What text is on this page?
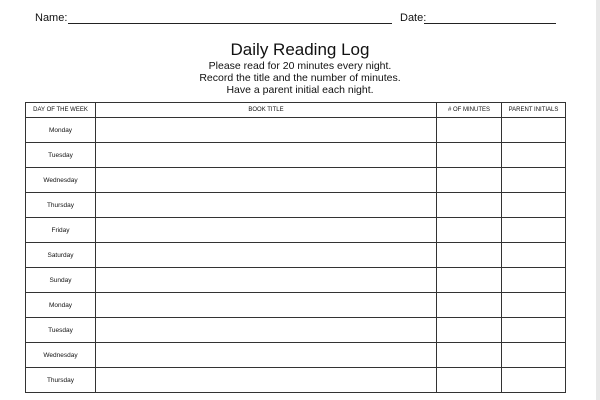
Name:	Date:
Daily Reading Log
Please read for 20 minutes every night.
Record the title and the number of minutes.
Have a parent initial each night.
DAY OF THE WEEK	BOOK TITLE	# OF MINUTES	PARENT INITIALS
Monday			
Tuesday			
Wednesday			
Thursday			
Friday			
Saturday			
Sunday			
Monday			
Tuesday			
Wednesday			
Thursday			
